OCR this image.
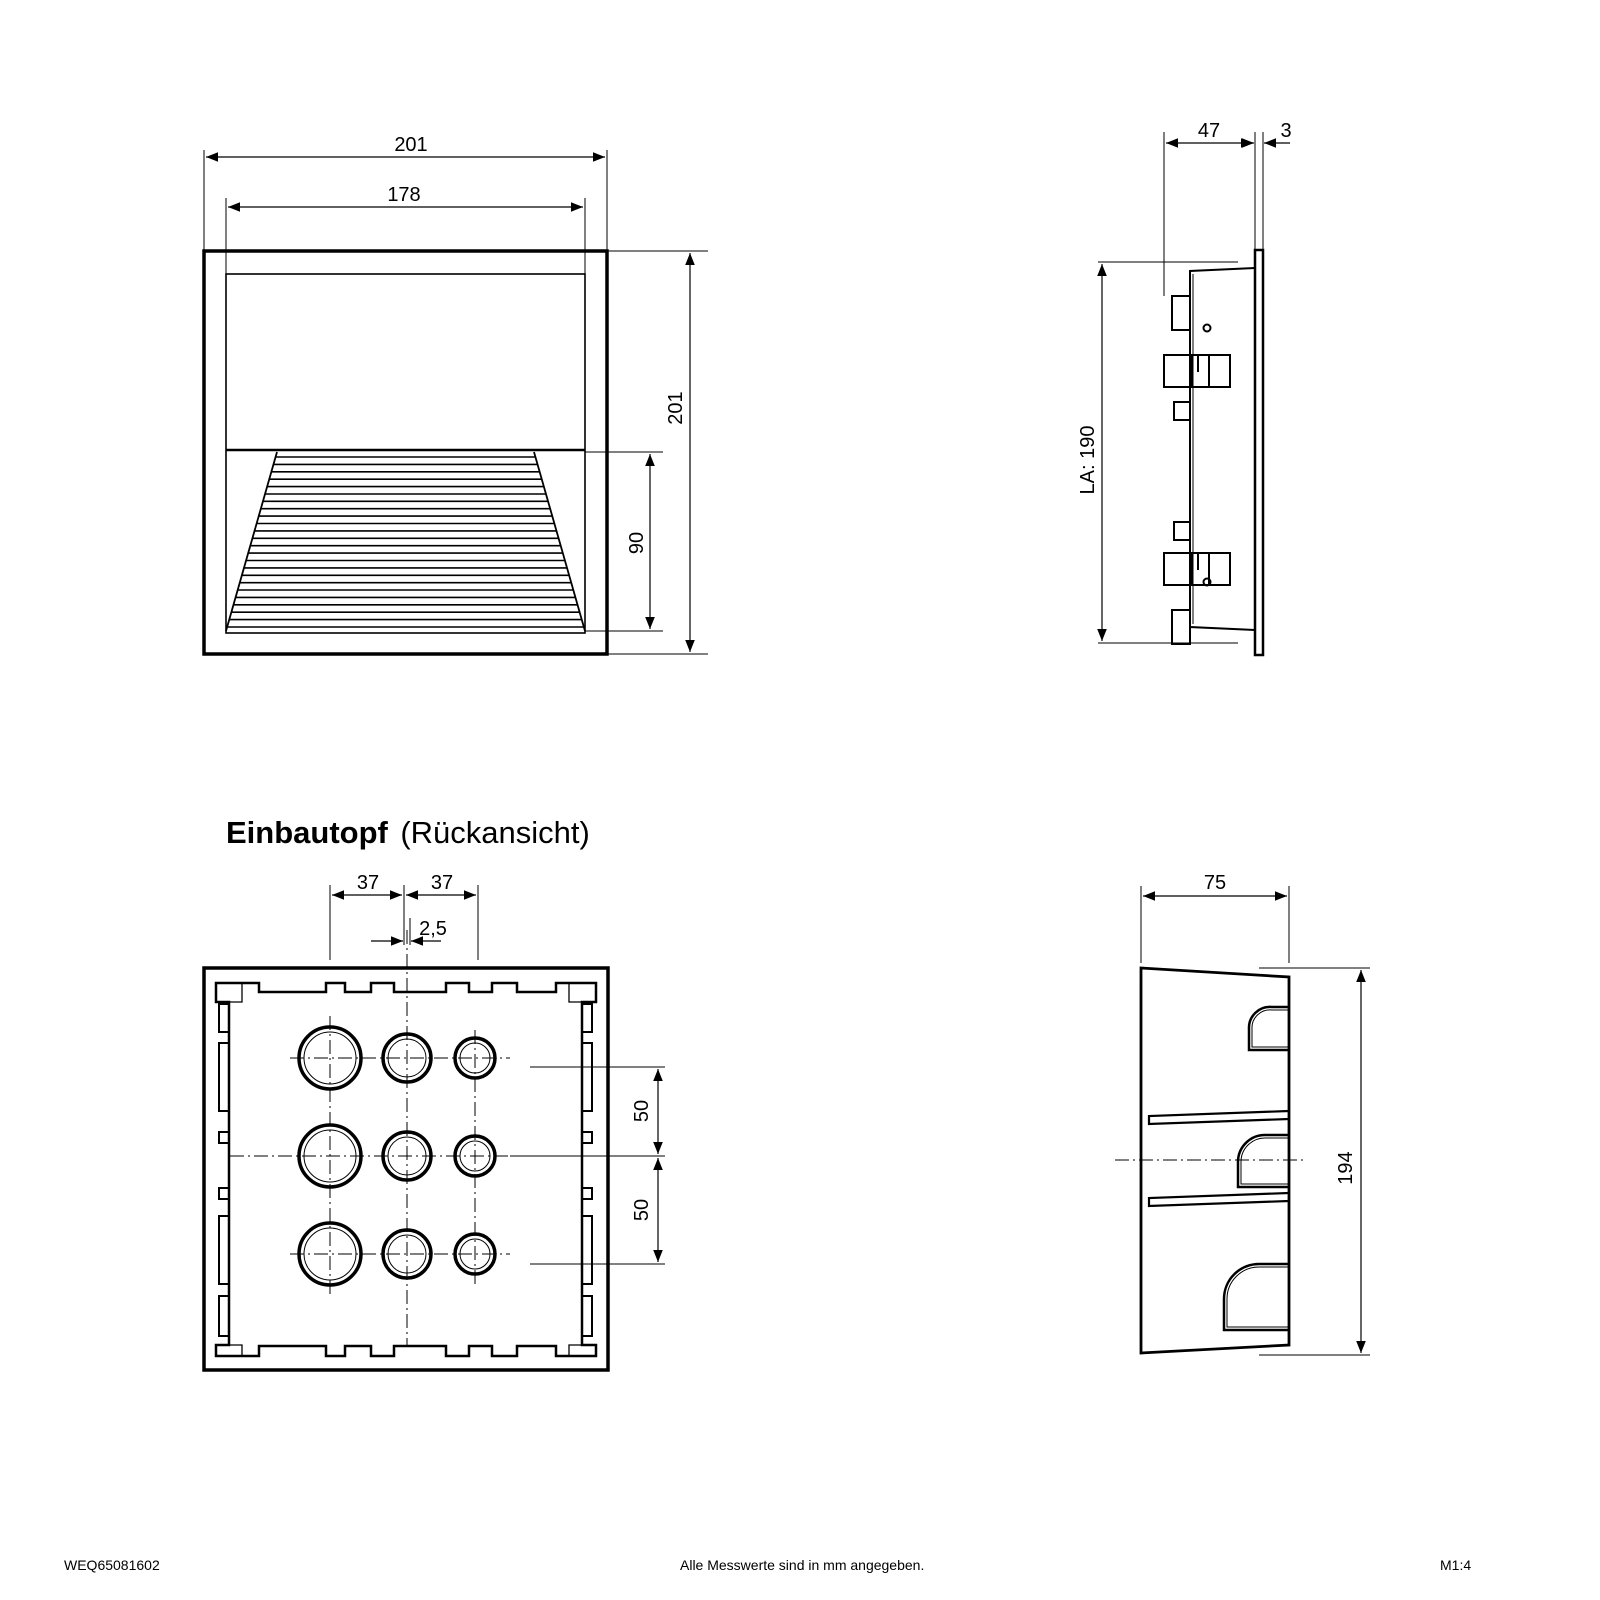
201
178
201
90
47	3
LA: 190
Einbautopf (Rückansicht)
37	37
2,5
50
50
75
194
WEQ65081602	Alle Messwerte sind in mm angegeben.	M1:4
